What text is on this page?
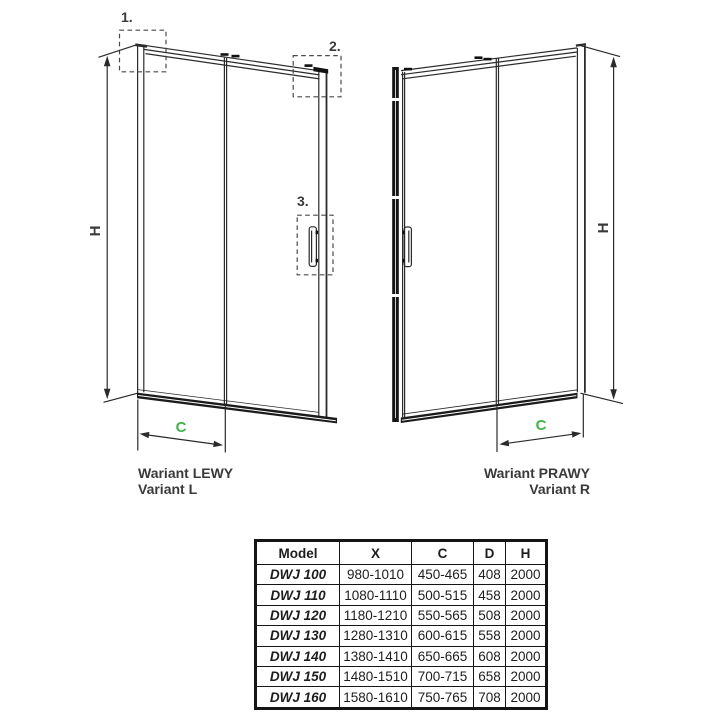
1.
2.
3.
H	H
C	C
Wariant LEWY
Variant L
Wariant PRAWY
Variant R
Model	X	C	D	H
DWJ 100	980-1010	450-465	408	2000
DWJ 110	1080-1110	500-515	458	2000
DWJ 120	1180-1210	550-565	508	2000
DWJ 130	1280-1310	600-615	558	2000
DWJ 140	1380-1410	650-665	608	2000
DWJ 150	1480-1510	700-715	658	2000
DWJ 160	1580-1610	750-765	708	2000
